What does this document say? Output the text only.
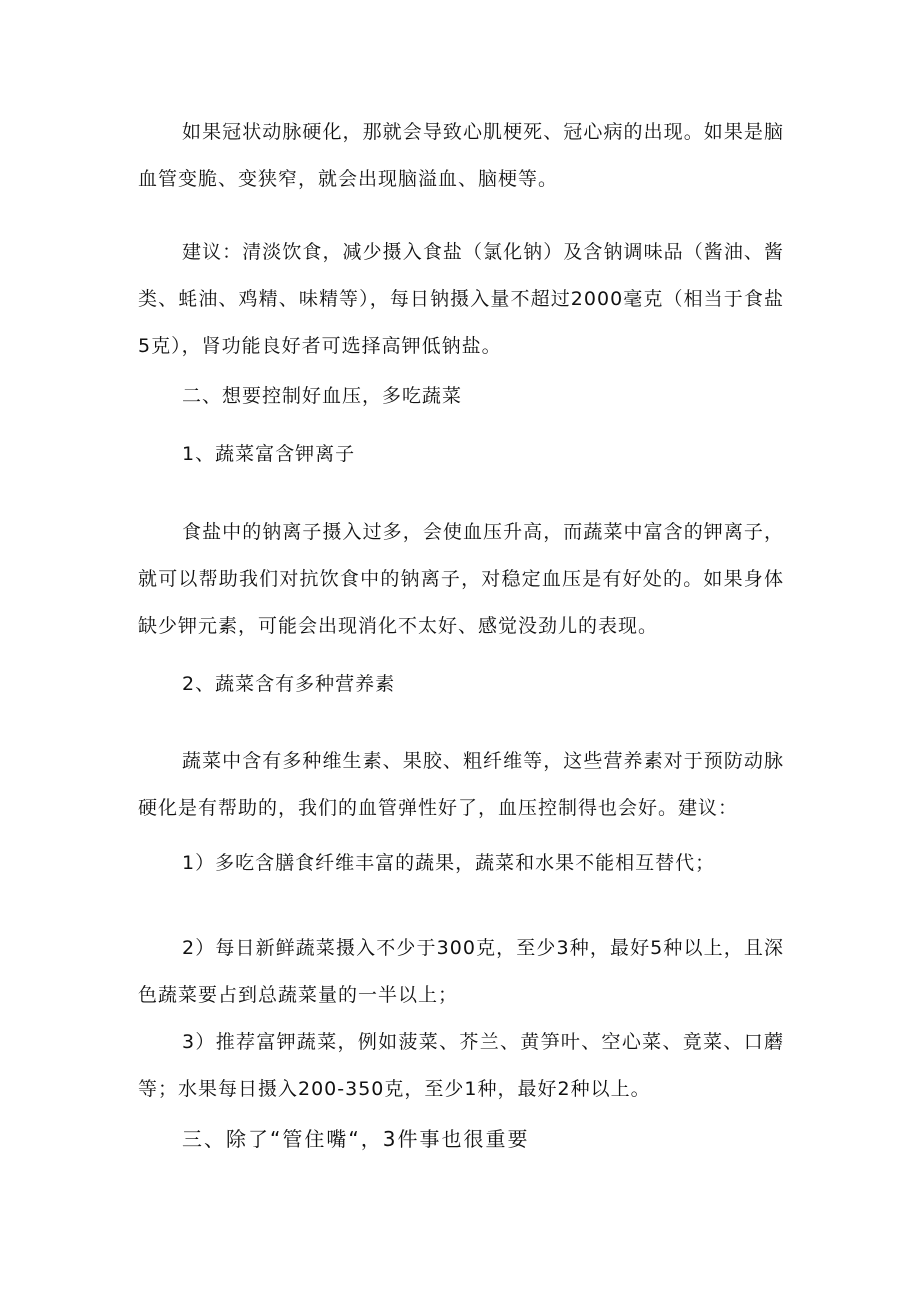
如果冠状动脉硬化，那就会导致心肌梗死、冠心病的出现。如果是脑血管变脆、变狭窄，就会出现脑溢血、脑梗等。

建议：清淡饮食，减少摄入食盐（氯化钠）及含钠调味品（酱油、酱类、蚝油、鸡精、味精等），每日钠摄入量不超过2000毫克（相当于食盐5克），肾功能良好者可选择高钾低钠盐。

二、想要控制好血压，多吃蔬菜

1、蔬菜富含钾离子

食盐中的钠离子摄入过多，会使血压升高，而蔬菜中富含的钾离子，就可以帮助我们对抗饮食中的钠离子，对稳定血压是有好处的。如果身体缺少钾元素，可能会出现消化不太好、感觉没劲儿的表现。

2、蔬菜含有多种营养素

蔬菜中含有多种维生素、果胶、粗纤维等，这些营养素对于预防动脉硬化是有帮助的，我们的血管弹性好了，血压控制得也会好。建议：

1）多吃含膳食纤维丰富的蔬果，蔬菜和水果不能相互替代；

2）每日新鲜蔬菜摄入不少于300克，至少3种，最好5种以上，且深色蔬菜要占到总蔬菜量的一半以上；

3）推荐富钾蔬菜，例如菠菜、芥兰、黄笋叶、空心菜、竟菜、口蘑等；水果每日摄入200-350克，至少1种，最好2种以上。

三、除了“管住嘴“，3件事也很重要
